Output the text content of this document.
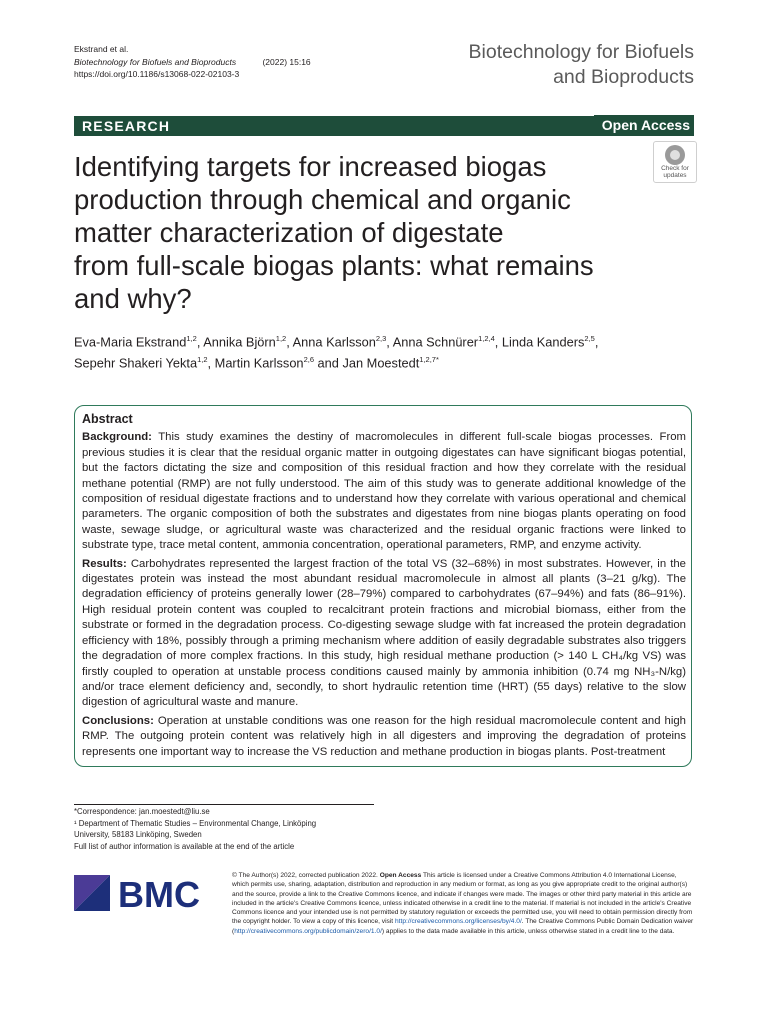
Ekstrand et al.
Biotechnology for Biofuels and Bioproducts	(2022) 15:16
https://doi.org/10.1186/s13068-022-02103-3
Biotechnology for Biofuels
and Bioproducts
RESEARCH	Open Access
Check for
updates
Identifying targets for increased biogas
production through chemical and organic
matter characterization of digestate
from full-scale biogas plants: what remains
and why?
Eva-Maria Ekstrand$^{1,2}$, Annika Björn$^{1,2}$, Anna Karlsson$^{2,3}$, Anna Schnürer$^{1,2,4}$, Linda Kanders$^{2,5}$,
Sepehr Shakeri Yekta$^{1,2}$, Martin Karlsson$^{2,6}$ and Jan Moestedt$^{1,2,7*}$
Abstract

Background: This study examines the destiny of macromolecules in different full-scale biogas processes. From previous studies it is clear that the residual organic matter in outgoing digestates can have significant biogas potential, but the factors dictating the size and composition of this residual fraction and how they correlate with the residual methane potential (RMP) are not fully understood. The aim of this study was to generate additional knowledge of the composition of residual digestate fractions and to understand how they correlate with various operational and chemical parameters. The organic composition of both the substrates and digestates from nine biogas plants operating on food waste, sewage sludge, or agricultural waste was characterized and the residual organic fractions were linked to substrate type, trace metal content, ammonia concentration, operational parameters, RMP, and enzyme activity.

Results: Carbohydrates represented the largest fraction of the total VS (32–68%) in most substrates. However, in the digestates protein was instead the most abundant residual macromolecule in almost all plants (3–21 g/kg). The degradation efficiency of proteins generally lower (28–79%) compared to carbohydrates (67–94%) and fats (86–91%). High residual protein content was coupled to recalcitrant protein fractions and microbial biomass, either from the substrate or formed in the degradation process. Co-digesting sewage sludge with fat increased the protein degradation efficiency with 18%, possibly through a priming mechanism where addition of easily degradable substrates also triggers the degradation of more complex fractions. In this study, high residual methane production (> 140 L CH₄/kg VS) was firstly coupled to operation at unstable process conditions caused mainly by ammonia inhibition (0.74 mg NH₃-N/kg) and/or trace element deficiency and, secondly, to short hydraulic retention time (HRT) (55 days) relative to the slow digestion of agricultural waste and manure.

Conclusions: Operation at unstable conditions was one reason for the high residual macromolecule content and high RMP. The outgoing protein content was relatively high in all digesters and improving the degradation of proteins represents one important way to increase the VS reduction and methane production in biogas plants. Post-treatment

*Correspondence: jan.moestedt@liu.se
¹ Department of Thematic Studies – Environmental Change, Linköping
University, 58183 Linköping, Sweden
Full list of author information is available at the end of the article
BMC	© The Author(s) 2022, corrected publication 2022. Open Access This article is licensed under a Creative Commons Attribution 4.0 International License, which permits use, sharing, adaptation, distribution and reproduction in any medium or format, as long as you give appropriate credit to the original author(s) and the source, provide a link to the Creative Commons licence, and indicate if changes were made. The images or other third party material in this article are included in the article's Creative Commons licence, unless indicated otherwise in a credit line to the material. If material is not included in the article's Creative Commons licence and your intended use is not permitted by statutory regulation or exceeds the permitted use, you will need to obtain permission directly from the copyright holder. To view a copy of this licence, visit http://creativecommons.org/licenses/by/4.0/. The Creative Commons Public Domain Dedication waiver (http://creativecommons.org/publicdomain/zero/1.0/) applies to the data made available in this article, unless otherwise stated in a credit line to the data.
